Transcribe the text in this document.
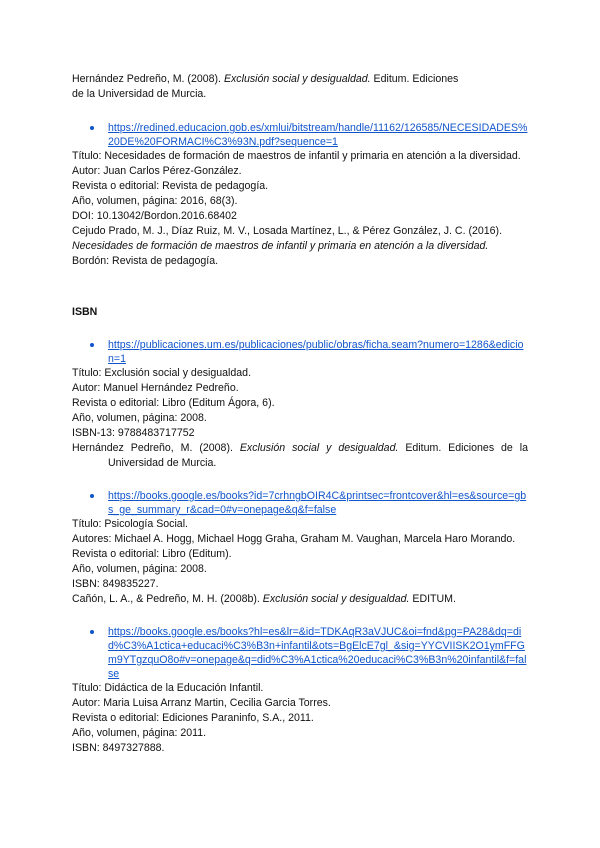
Hernández Pedreño, M. (2008). Exclusión social y desigualdad. Editum. Ediciones
de la Universidad de Murcia.
https://redined.educacion.gob.es/xmlui/bitstream/handle/11162/126585/NECESIDADES%20DE%20FORMACI%C3%93N.pdf?sequence=1
Título: Necesidades de formación de maestros de infantil y primaria en atención a la diversidad.
Autor: Juan Carlos Pérez-González.
Revista o editorial: Revista de pedagogía.
Año, volumen, página: 2016, 68(3).
DOI: 10.13042/Bordon.2016.68402
Cejudo Prado, M. J., Díaz Ruiz, M. V., Losada Martínez, L., & Pérez González, J. C. (2016).
Necesidades de formación de maestros de infantil y primaria en atención a la diversidad.
Bordón: Revista de pedagogía.
ISBN
https://publicaciones.um.es/publicaciones/public/obras/ficha.seam?numero=1286&edicion=1
Título: Exclusión social y desigualdad.
Autor: Manuel Hernández Pedreño.
Revista o editorial: Libro (Editum Ágora, 6).
Año, volumen, página: 2008.
ISBN-13: 9788483717752
Hernández Pedreño, M. (2008). Exclusión social y desigualdad. Editum. Ediciones de la Universidad de Murcia.
https://books.google.es/books?id=7crhngbOIR4C&printsec=frontcover&hl=es&source=gbs_ge_summary_r&cad=0#v=onepage&q&f=false
Título: Psicología Social.
Autores: Michael A. Hogg, Michael Hogg Graha, Graham M. Vaughan, Marcela Haro Morando.
Revista o editorial: Libro (Editum).
Año, volumen, página: 2008.
ISBN: 849835227.
Cañón, L. A., & Pedreño, M. H. (2008b). Exclusión social y desigualdad. EDITUM.
https://books.google.es/books?hl=es&lr=&id=TDKAqR3aVJUC&oi=fnd&pg=PA28&dq=did%C3%A1ctica+educaci%C3%B3n+infantil&ots=BgElcE7gl_&sig=YYCVIISK2O1ymFFGm9YTgzquO8o#v=onepage&q=did%C3%A1ctica%20educaci%C3%B3n%20infantil&f=false
Título: Didáctica de la Educación Infantil.
Autor: Maria Luisa Arranz Martin, Cecilia Garcia Torres.
Revista o editorial: Ediciones Paraninfo, S.A., 2011.
Año, volumen, página: 2011.
ISBN: 8497327888.
